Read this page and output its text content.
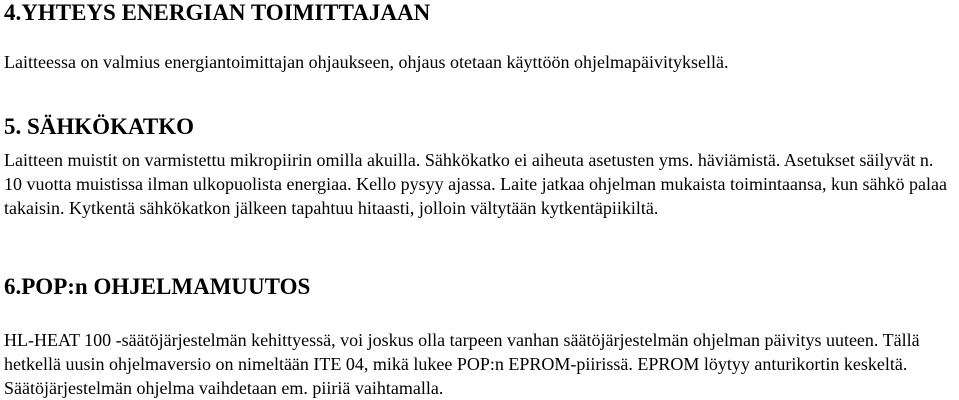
4.YHTEYS ENERGIAN TOIMITTAJAAN

Laitteessa on valmius energiantoimittajan ohjaukseen, ohjaus otetaan käyttöön ohjelmapäivityksellä.

5. SÄHKÖKATKO

Laitteen muistit on varmistettu mikropiirin omilla akuilla. Sähkökatko ei aiheuta asetusten yms. häviämistä. Asetukset säilyvät n. 10 vuotta muistissa ilman ulkopuolista energiaa. Kello pysyy ajassa. Laite jatkaa ohjelman mukaista toimintaansa, kun sähkö palaa takaisin. Kytkentä sähkökatkon jälkeen tapahtuu hitaasti, jolloin vältytään kytkentäpiikiltä.

6.POP:n OHJELMAMUUTOS

HL-HEAT 100 -säätöjärjestelmän kehittyessä, voi joskus olla tarpeen vanhan säätöjärjestelmän ohjelman päivitys uuteen. Tällä hetkellä uusin ohjelmaversio on nimeltään ITE 04, mikä lukee POP:n EPROM-piirissä. EPROM löytyy anturikortin keskeltä. Säätöjärjestelmän ohjelma vaihdetaan em. piiriä vaihtamalla.
